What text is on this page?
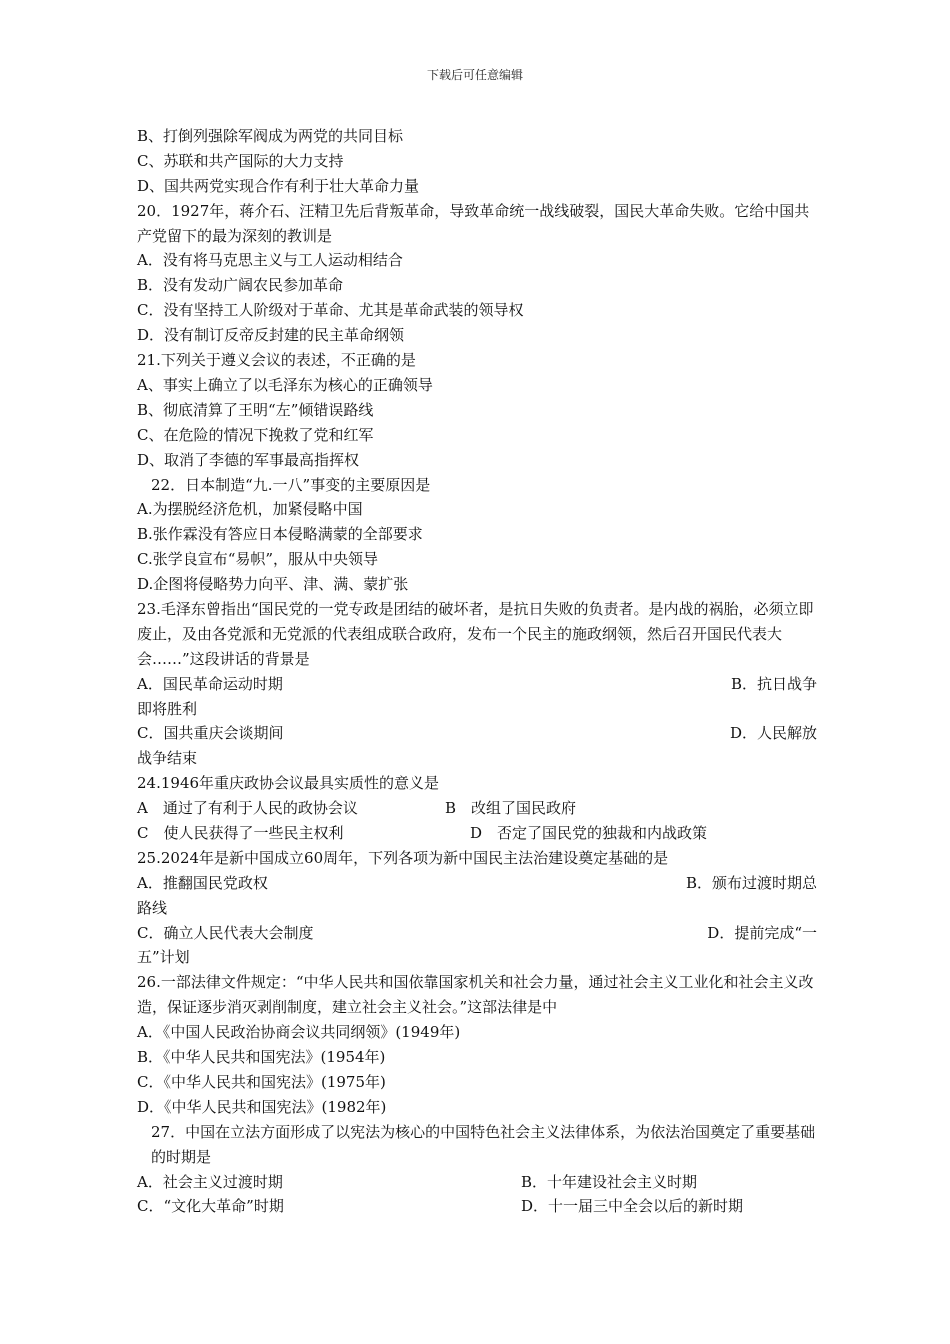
下载后可任意编辑
B、打倒列强除军阀成为两党的共同目标
C、苏联和共产国际的大力支持
D、国共两党实现合作有利于壮大革命力量
20．1927年，蒋介石、汪精卫先后背叛革命，导致革命统一战线破裂，国民大革命失败。它给中国共产党留下的最为深刻的教训是
A．没有将马克思主义与工人运动相结合
B．没有发动广阔农民参加革命
C．没有坚持工人阶级对于革命、尤其是革命武装的领导权
D．没有制订反帝反封建的民主革命纲领
21.下列关于遵义会议的表述，不正确的是
A、事实上确立了以毛泽东为核心的正确领导
B、彻底清算了王明“左”倾错误路线
C、在危险的情况下挽救了党和红军
D、取消了李德的军事最高指挥权
22．日本制造“九.一八”事变的主要原因是
A.为摆脱经济危机，加紧侵略中国
B.张作霖没有答应日本侵略满蒙的全部要求
C.张学良宣布“易帜”，服从中央领导
D.企图将侵略势力向平、津、满、蒙扩张
23.毛泽东曾指出“国民党的一党专政是团结的破坏者，是抗日失败的负责者。是内战的祸胎，必须立即废止，及由各党派和无党派的代表组成联合政府，发布一个民主的施政纲领，然后召开国民代表大会……”这段讲话的背景是
A．国民革命运动时期	B．抗日战争
即将胜利
C．国共重庆会谈期间	D．人民解放
战争结束
24.1946年重庆政协会议最具实质性的意义是
A　通过了有利于人民的政协会议	B　改组了国民政府
C　使人民获得了一些民主权利	D　否定了国民党的独裁和内战政策
25.2024年是新中国成立60周年，下列各项为新中国民主法治建设奠定基础的是
A．推翻国民党政权	B．颁布过渡时期总
路线
C．确立人民代表大会制度	D．提前完成“一
五”计划
26.一部法律文件规定：“中华人民共和国依靠国家机关和社会力量，通过社会主义工业化和社会主义改造，保证逐步消灭剥削制度，建立社会主义社会。”这部法律是中
A．《中国人民政治协商会议共同纲领》(1949年)
B．《中华人民共和国宪法》(1954年)
C．《中华人民共和国宪法》(1975年)
D．《中华人民共和国宪法》(1982年)
27．中国在立法方面形成了以宪法为核心的中国特色社会主义法律体系，为依法治国奠定了重要基础的时期是
A．社会主义过渡时期	B．十年建设社会主义时期
C．“文化大革命”时期	D．十一届三中全会以后的新时期
